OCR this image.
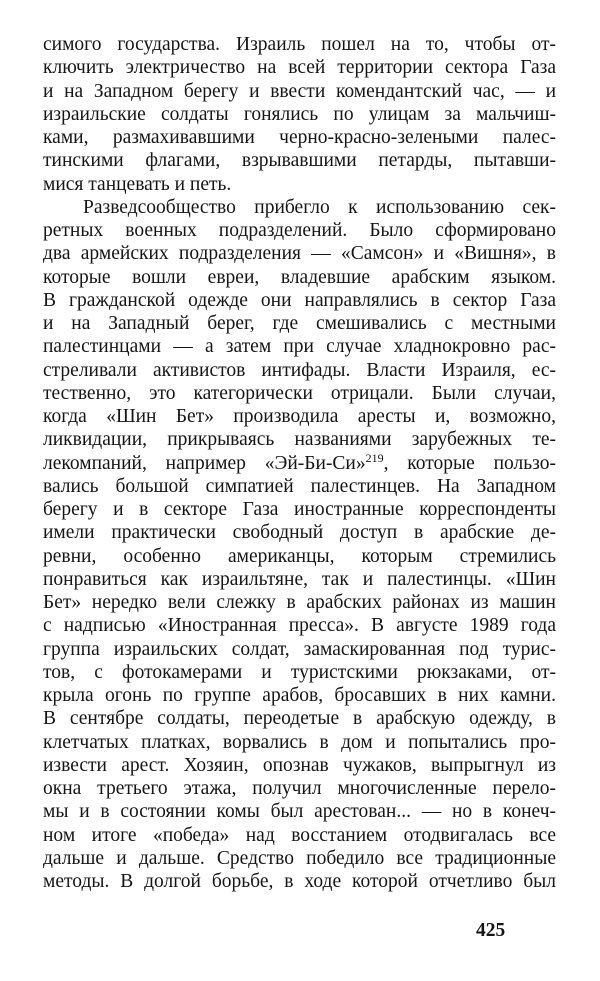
симого государства. Израиль пошел на то, чтобы от-
ключить электричество на всей территории сектора Газа
и на Западном берегу и ввести комендантский час, — и
израильские солдаты гонялись по улицам за мальчиш-
ками, размахивавшими черно-красно-зелеными палес-
тинскими флагами, взрывавшими петарды, пытавши-
мися танцевать и петь.
Разведсообщество прибегло к использованию сек-
ретных военных подразделений. Было сформировано
два армейских подразделения — «Самсон» и «Вишня», в
которые вошли евреи, владевшие арабским языком.
В гражданской одежде они направлялись в сектор Газа
и на Западный берег, где смешивались с местными
палестинцами — а затем при случае хладнокровно рас-
стреливали активистов интифады. Власти Израиля, ес-
тественно, это категорически отрицали. Были случаи,
когда «Шин Бет» производила аресты и, возможно,
ликвидации, прикрываясь названиями зарубежных те-
лекомпаний, например «Эй-Би-Си»$^{219}$, которые пользо-
вались большой симпатией палестинцев. На Западном
берегу и в секторе Газа иностранные корреспонденты
имели практически свободный доступ в арабские де-
ревни, особенно американцы, которым стремились
понравиться как израильтяне, так и палестинцы. «Шин
Бет» нередко вели слежку в арабских районах из машин
с надписью «Иностранная пресса». В августе 1989 года
группа израильских солдат, замаскированная под турис-
тов, с фотокамерами и туристскими рюкзаками, от-
крыла огонь по группе арабов, бросавших в них камни.
В сентябре солдаты, переодетые в арабскую одежду, в
клетчатых платках, ворвались в дом и попытались про-
извести арест. Хозяин, опознав чужаков, выпрыгнул из
окна третьего этажа, получил многочисленные перело-
мы и в состоянии комы был арестован... — но в конеч-
ном итоге «победа» над восстанием отодвигалась все
дальше и дальше. Средство победило все традиционные
методы. В долгой борьбе, в ходе которой отчетливо был
425
